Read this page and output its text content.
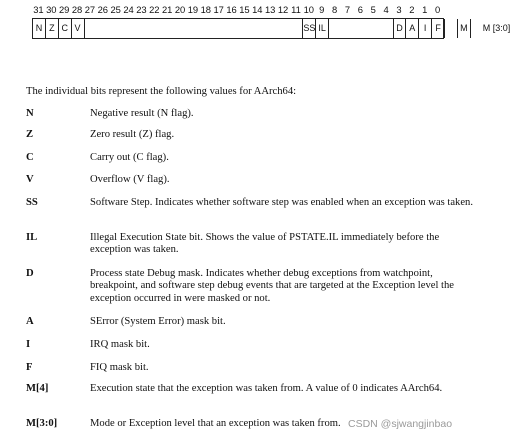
31 30 29 28 27 26 25 24 23 22 21 20 19 18 17 16 15 14 13 12 11 10 9 8 7 6 5 4 3 2 1 0
N Z C V	SS IL	D A I F	M	M [3:0]
The individual bits represent the following values for AArch64:
N	Negative result (N flag).
Z	Zero result (Z) flag.
C	Carry out (C flag).
V	Overflow (V flag).
SS	Software Step. Indicates whether software step was enabled when an exception was taken.
IL	Illegal Execution State bit. Shows the value of PSTATE.IL immediately before the exception was taken.
D	Process state Debug mask. Indicates whether debug exceptions from watchpoint, breakpoint, and software step debug events that are targeted at the Exception level the exception occurred in were masked or not.
A	SError (System Error) mask bit.
I	IRQ mask bit.
F	FIQ mask bit.
M[4]	Execution state that the exception was taken from. A value of 0 indicates AArch64.
M[3:0]	Mode or Exception level that an exception was taken from. CSDN @sjwangjinbao
